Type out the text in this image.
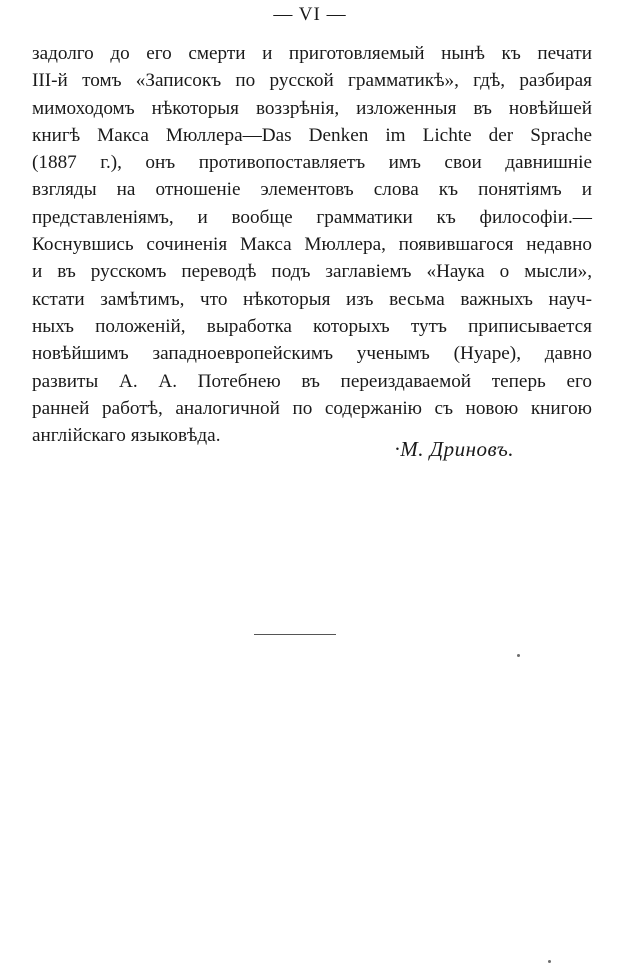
— VI —
задолго до его смерти и приготовляемый нынѣ къ печати
III-й томъ «Записокъ по русской грамматикѣ», гдѣ, разбирая
мимоходомъ нѣкоторыя воззрѣнія, изложенныя въ новѣйшей
книгѣ Макса Мюллера—Das Denken im Lichte der Sprache
(1887 г.), онъ противопоставляетъ имъ свои давнишніе
взгляды на отношеніе элементовъ слова къ понятіямъ и
представленіямъ, и вообще грамматики къ философіи.—
Коснувшись сочиненія Макса Мюллера, появившагося недавно
и въ русскомъ переводѣ подъ заглавіемъ «Наука о мысли»,
кстати замѣтимъ, что нѣкоторыя изъ весьма важныхъ науч-
ныхъ положеній, выработка которыхъ тутъ приписывается
новѣйшимъ западноевропейскимъ ученымъ (Нуаре), давно
развиты А. А. Потебнею въ переиздаваемой теперь его
ранней работѣ, аналогичной по содержанію съ новою книгою
англійскаго языковѣда.
·М. Дриновъ.
